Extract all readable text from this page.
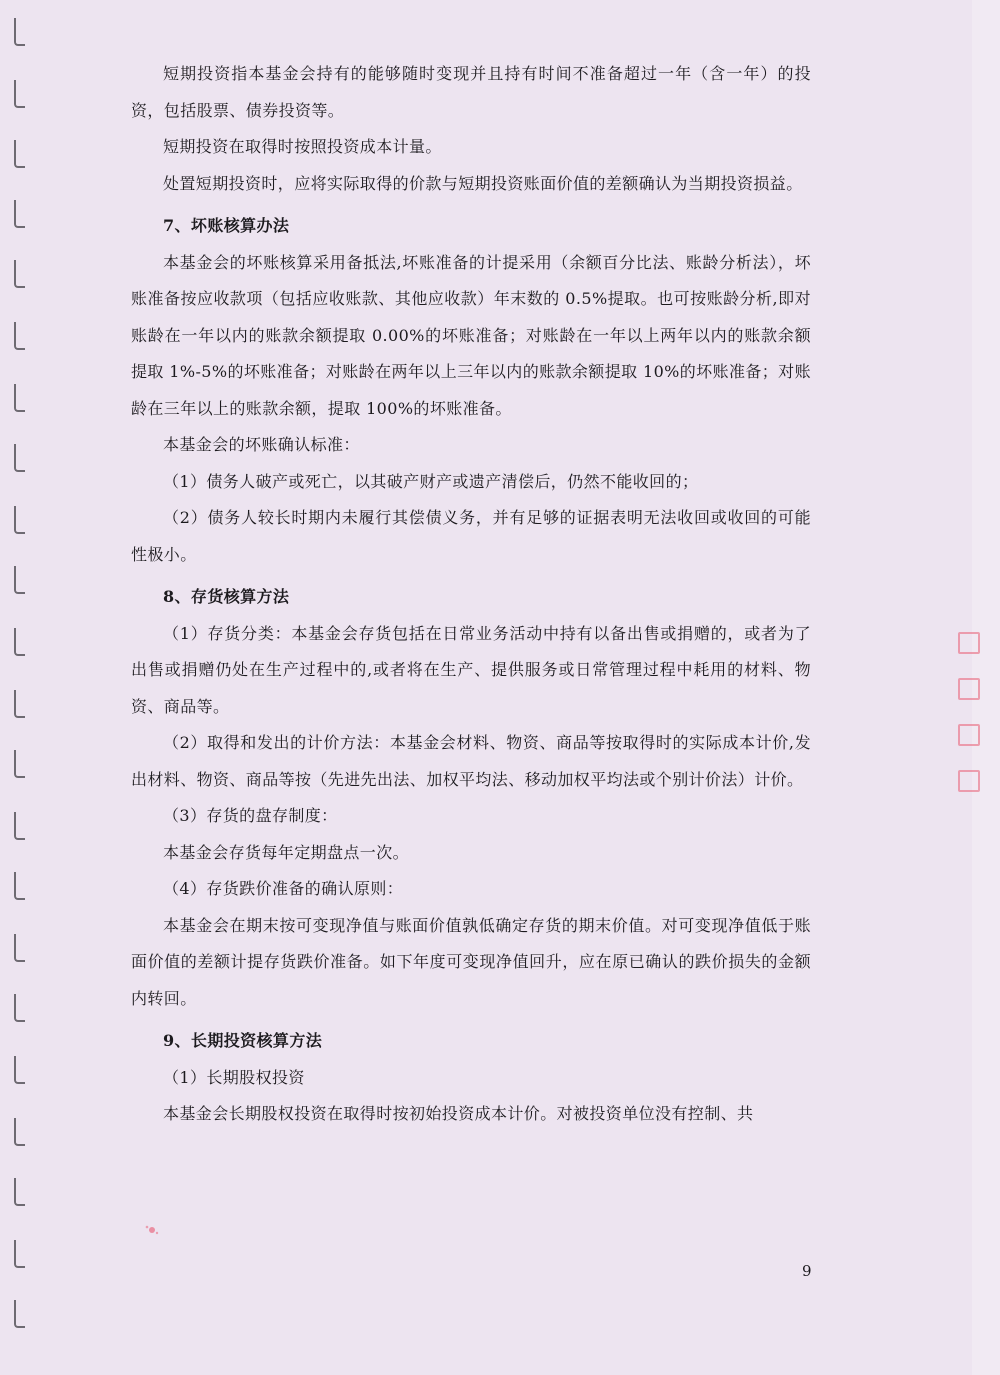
短期投资指本基金会持有的能够随时变现并且持有时间不准备超过一年（含一年）的投资，包括股票、债券投资等。

短期投资在取得时按照投资成本计量。

处置短期投资时，应将实际取得的价款与短期投资账面价值的差额确认为当期投资损益。

7、坏账核算办法

本基金会的坏账核算采用备抵法,坏账准备的计提采用（余额百分比法、账龄分析法），坏账准备按应收款项（包括应收账款、其他应收款）年末数的 0.5%提取。也可按账龄分析,即对账龄在一年以内的账款余额提取 0.00%的坏账准备；对账龄在一年以上两年以内的账款余额提取 1%-5%的坏账准备；对账龄在两年以上三年以内的账款余额提取 10%的坏账准备；对账龄在三年以上的账款余额，提取 100%的坏账准备。

本基金会的坏账确认标准：

（1）债务人破产或死亡，以其破产财产或遗产清偿后，仍然不能收回的；

（2）债务人较长时期内未履行其偿债义务，并有足够的证据表明无法收回或收回的可能性极小。

8、存货核算方法

（1）存货分类：本基金会存货包括在日常业务活动中持有以备出售或捐赠的，或者为了出售或捐赠仍处在生产过程中的,或者将在生产、提供服务或日常管理过程中耗用的材料、物资、商品等。

（2）取得和发出的计价方法：本基金会材料、物资、商品等按取得时的实际成本计价,发出材料、物资、商品等按（先进先出法、加权平均法、移动加权平均法或个别计价法）计价。

（3）存货的盘存制度：

本基金会存货每年定期盘点一次。

（4）存货跌价准备的确认原则：

本基金会在期末按可变现净值与账面价值孰低确定存货的期末价值。对可变现净值低于账面价值的差额计提存货跌价准备。如下年度可变现净值回升，应在原已确认的跌价损失的金额内转回。

9、长期投资核算方法

（1）长期股权投资

本基金会长期股权投资在取得时按初始投资成本计价。对被投资单位没有控制、共

9
